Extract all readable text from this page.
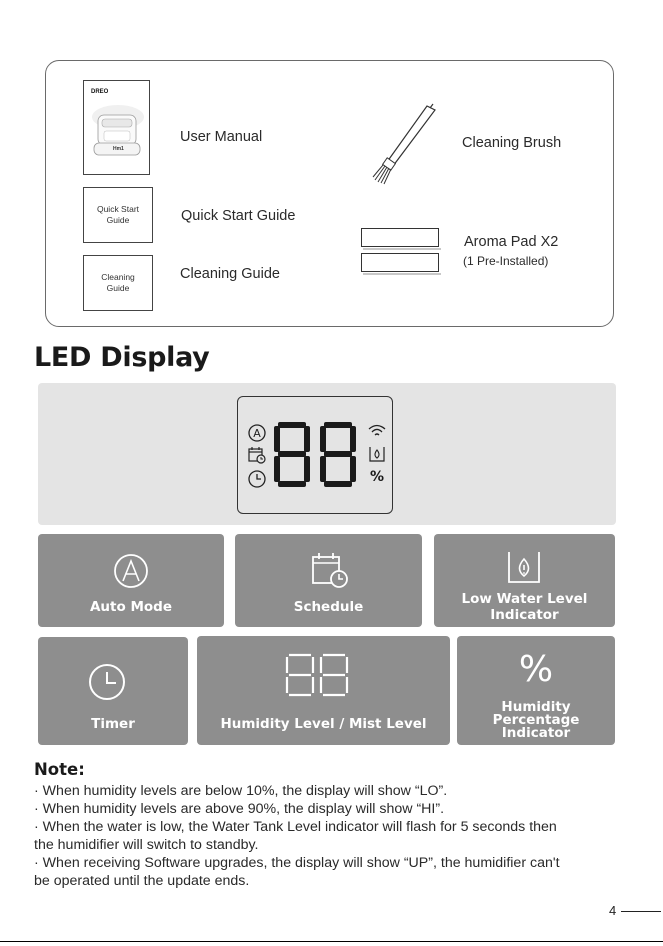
DREO
Hm1
User Manual
Quick Start
Guide	Quick Start Guide
Cleaning
Guide
Cleaning Guide
Cleaning Brush
Aroma Pad X2
(1 Pre-Installed)
LED Display
A
%
Auto Mode	Schedule	Low Water Level
Indicator
Timer	Humidity Level / Mist Level
%
Humidity
Percentage
Indicator
Note:
· When humidity levels are below 10%, the display will show “LO”.
· When humidity levels are above 90%, the display will show “HI”.
· When the water is low, the Water Tank Level indicator will flash for 5 seconds then
the humidifier will switch to standby.
· When receiving Software upgrades, the display will show “UP”, the humidifier can't
be operated until the update ends.
4
